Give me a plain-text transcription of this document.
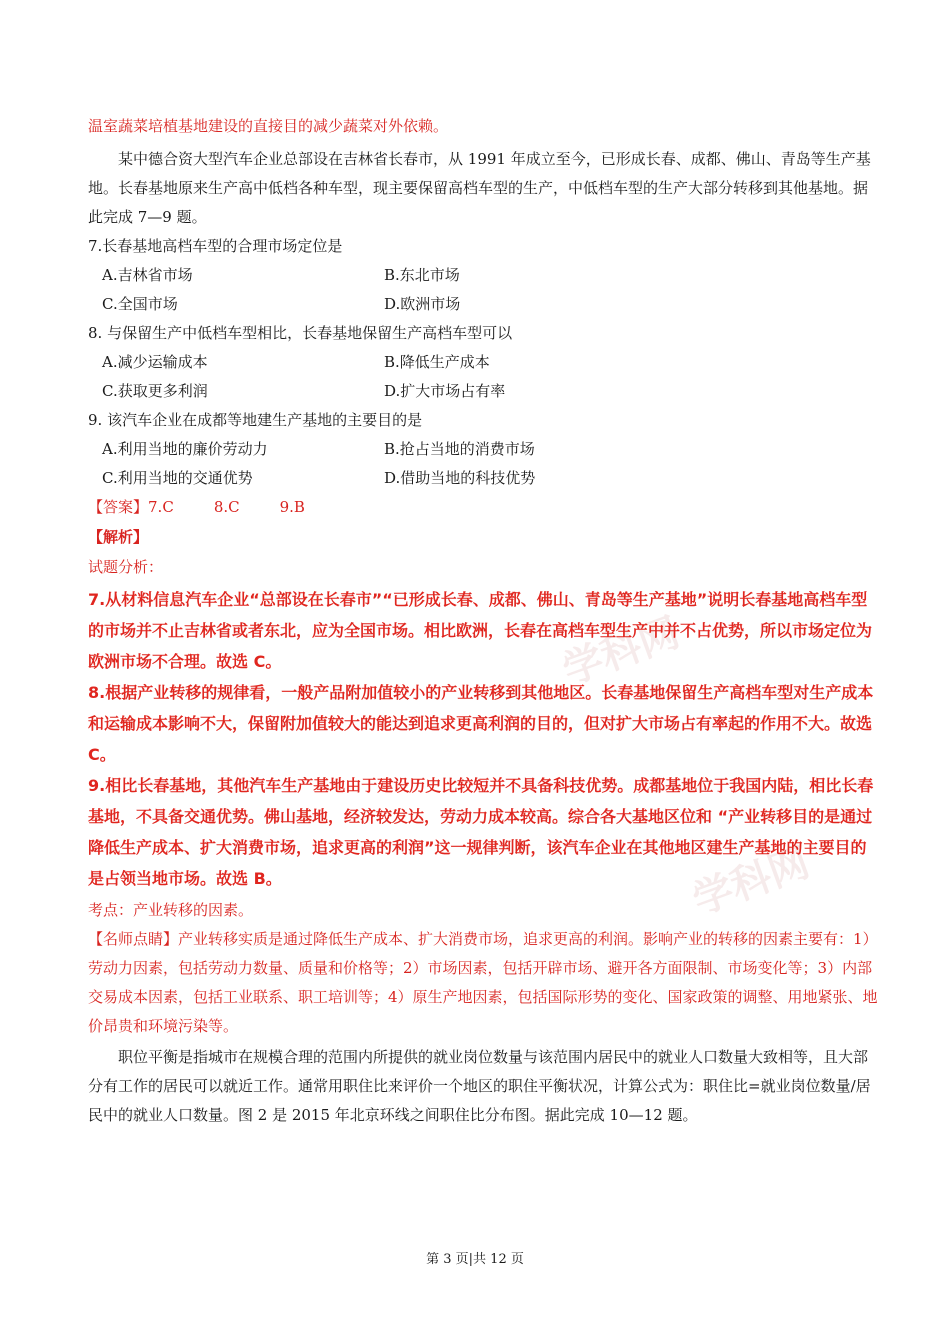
学科网
学科网
温室蔬菜培植基地建设的直接目的减少蔬菜对外依赖。
某中德合资大型汽车企业总部设在吉林省长春市，从 1991 年成立至今，已形成长春、成都、佛山、青岛等生产基地。长春基地原来生产高中低档各种车型，现主要保留高档车型的生产，中低档车型的生产大部分转移到其他基地。据此完成 7—9 题。
7.长春基地高档车型的合理市场定位是
A.吉林省市场	B.东北市场
C.全国市场	D.欧洲市场
8. 与保留生产中低档车型相比，长春基地保留生产高档车型可以
A.减少运输成本	B.降低生产成本
C.获取更多利润	D.扩大市场占有率
9. 该汽车企业在成都等地建生产基地的主要目的是
A.利用当地的廉价劳动力	B.抢占当地的消费市场
C.利用当地的交通优势	D.借助当地的科技优势
【答案】7.C	8.C	9.B
【解析】
试题分析：
7.从材料信息汽车企业“总部设在长春市”“已形成长春、成都、佛山、青岛等生产基地”说明长春基地高档车型的市场并不止吉林省或者东北，应为全国市场。相比欧洲，长春在高档车型生产中并不占优势，所以市场定位为欧洲市场不合理。故选 C。
8.根据产业转移的规律看，一般产品附加值较小的产业转移到其他地区。长春基地保留生产高档车型对生产成本和运输成本影响不大，保留附加值较大的能达到追求更高利润的目的，但对扩大市场占有率起的作用不大。故选 C。
9.相比长春基地，其他汽车生产基地由于建设历史比较短并不具备科技优势。成都基地位于我国内陆，相比长春基地，不具备交通优势。佛山基地，经济较发达，劳动力成本较高。综合各大基地区位和 “产业转移目的是通过降低生产成本、扩大消费市场，追求更高的利润”这一规律判断，该汽车企业在其他地区建生产基地的主要目的是占领当地市场。故选 B。
考点：产业转移的因素。
【名师点睛】产业转移实质是通过降低生产成本、扩大消费市场，追求更高的利润。影响产业的转移的因素主要有：1）劳动力因素，包括劳动力数量、质量和价格等；2）市场因素，包括开辟市场、避开各方面限制、市场变化等；3）内部交易成本因素，包括工业联系、职工培训等；4）原生产地因素，包括国际形势的变化、国家政策的调整、用地紧张、地价昂贵和环境污染等。
职位平衡是指城市在规模合理的范围内所提供的就业岗位数量与该范围内居民中的就业人口数量大致相等，且大部分有工作的居民可以就近工作。通常用职住比来评价一个地区的职住平衡状况，计算公式为：职住比=就业岗位数量/居民中的就业人口数量。图 2 是 2015 年北京环线之间职住比分布图。据此完成 10—12 题。
第 3 页|共 12 页
